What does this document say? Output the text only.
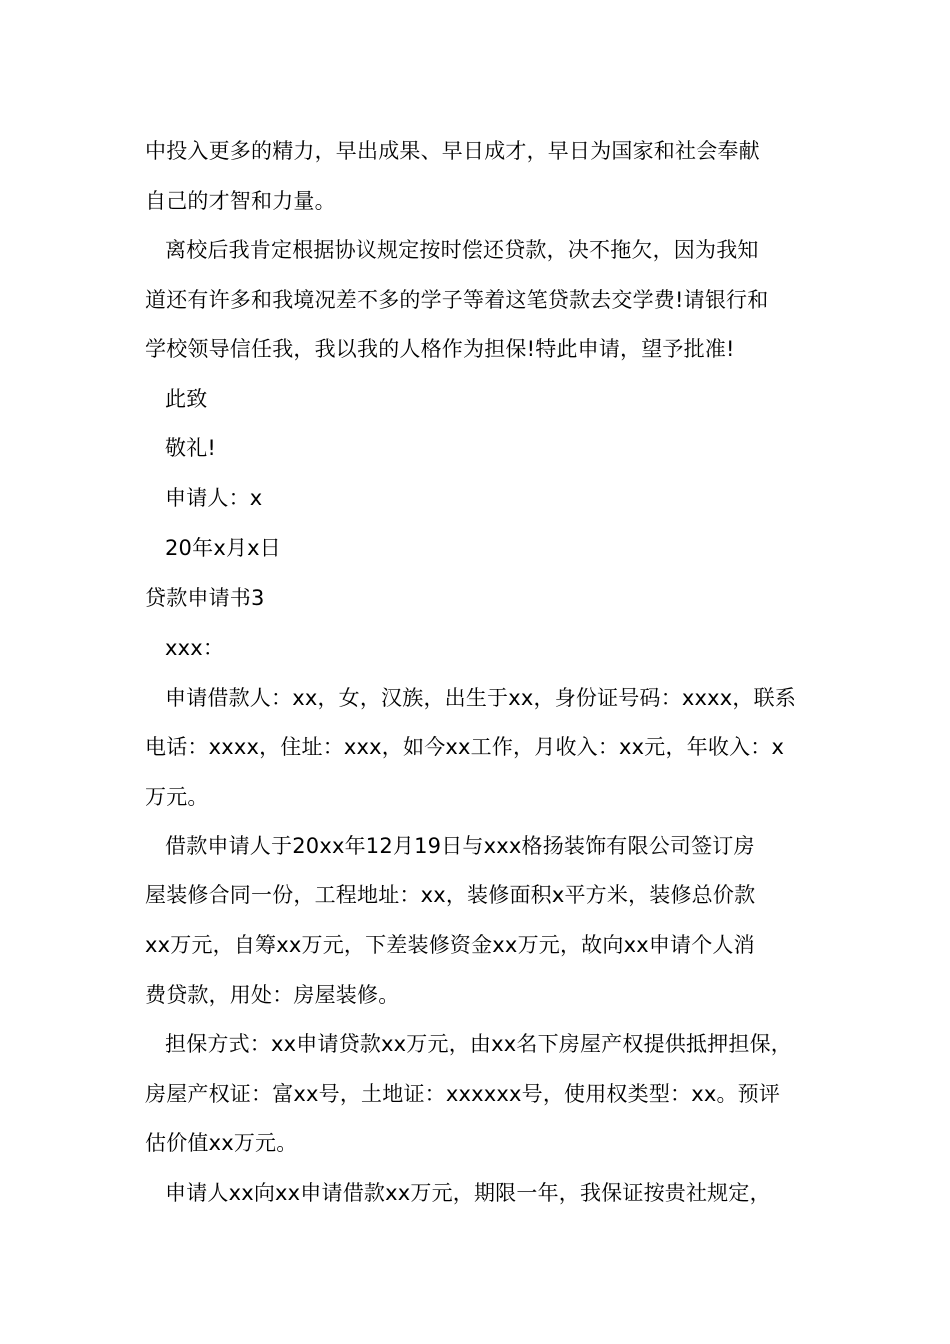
中投入更多的精力，早出成果、早日成才，早日为国家和社会奉献
自己的才智和力量。
离校后我肯定根据协议规定按时偿还贷款，决不拖欠，因为我知
道还有许多和我境况差不多的学子等着这笔贷款去交学费!请银行和
学校领导信任我，我以我的人格作为担保!特此申请，望予批准!
此致
敬礼!
申请人：x
20年x月x日
贷款申请书3
xxx：
申请借款人：xx，女，汉族，出生于xx，身份证号码：xxxx，联系
电话：xxxx，住址：xxx，如今xx工作，月收入：xx元，年收入：x
万元。
借款申请人于20xx年12月19日与xxx格扬装饰有限公司签订房
屋装修合同一份，工程地址：xx，装修面积x平方米，装修总价款
xx万元，自筹xx万元，下差装修资金xx万元，故向xx申请个人消
费贷款，用处：房屋装修。
担保方式：xx申请贷款xx万元，由xx名下房屋产权提供抵押担保，
房屋产权证：富xx号，土地证：xxxxxx号，使用权类型：xx。预评
估价值xx万元。
申请人xx向xx申请借款xx万元，期限一年，我保证按贵社规定，
